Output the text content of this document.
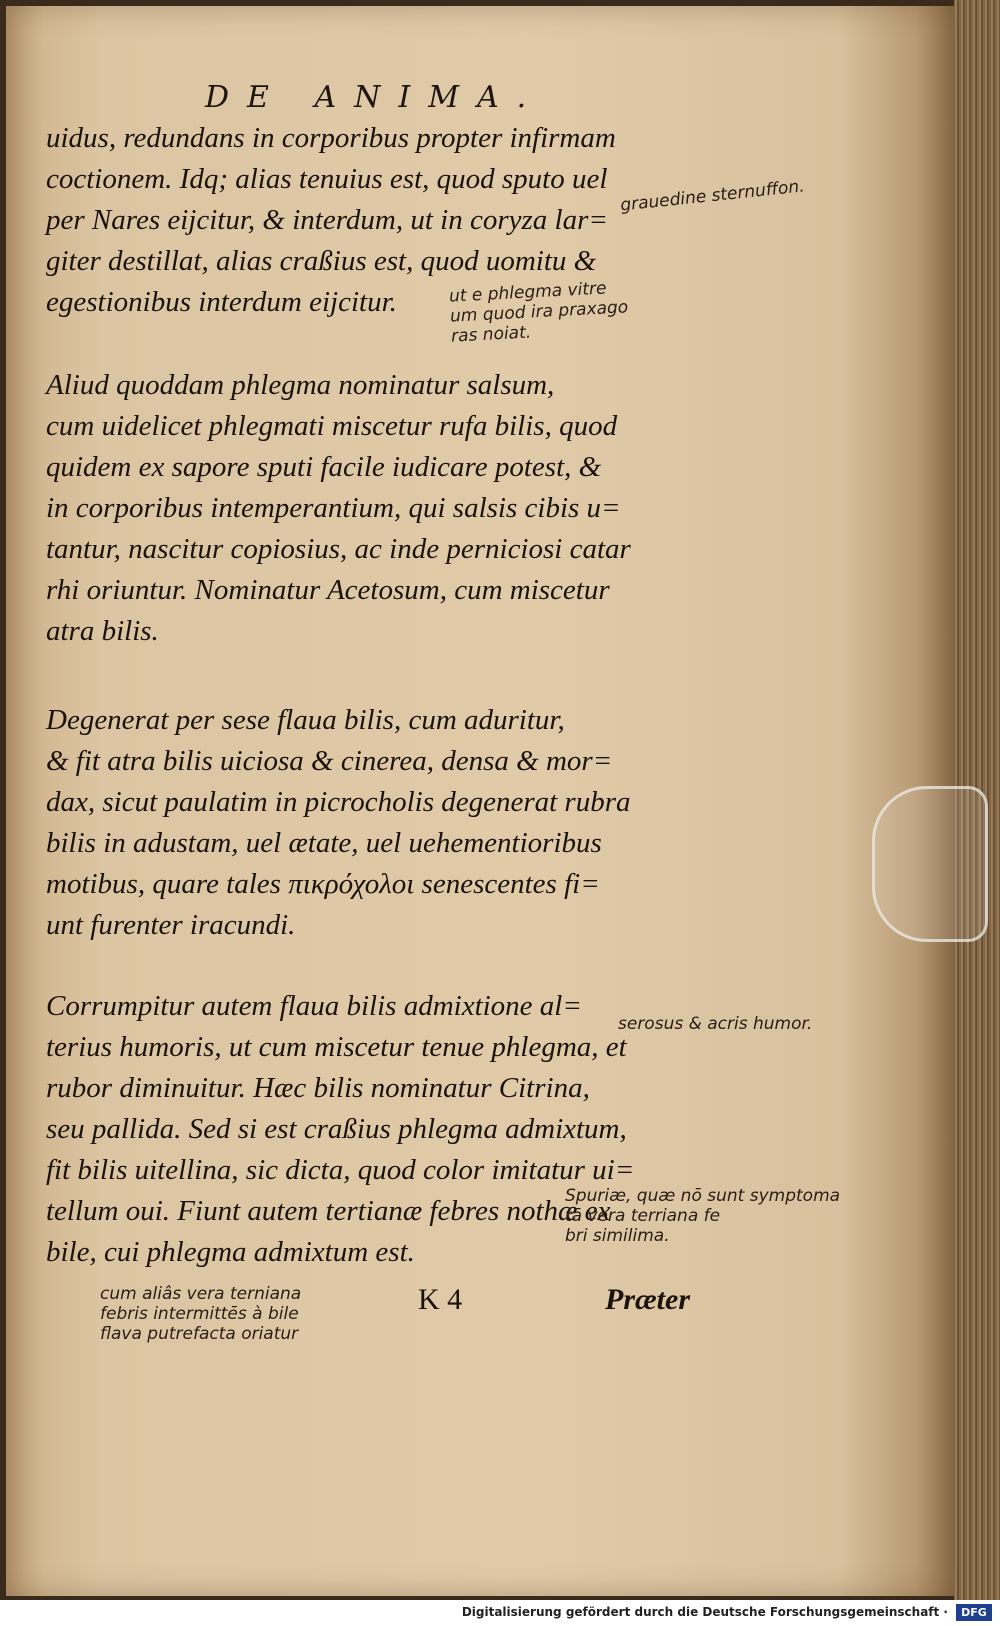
DE ANIMA.
uidus, redundans in corporibus propter infirmam
coctionem. Idq; alias tenuius est, quod sputo uel
per Nares eijcitur, & interdum, ut in coryza lar=
giter destillat, alias craßius est, quod uomitu &
egestionibus interdum eijcitur.
Aliud quoddam phlegma nominatur salsum,
cum uidelicet phlegmati miscetur rufa bilis, quod
quidem ex sapore sputi facile iudicare potest, &
in corporibus intemperantium, qui salsis cibis u=
tantur, nascitur copiosius, ac inde perniciosi catar
rhi oriuntur. Nominatur Acetosum, cum miscetur
atra bilis.
Degenerat per sese flaua bilis, cum aduritur,
& fit atra bilis uiciosa & cinerea, densa & mor=
dax, sicut paulatim in picrocholis degenerat rubra
bilis in adustam, uel ætate, uel uehementioribus
motibus, quare tales πικρόχολοι senescentes fi=
unt furenter iracundi.
Corrumpitur autem flaua bilis admixtione al=
terius humoris, ut cum miscetur tenue phlegma, et
rubor diminuitur. Hæc bilis nominatur Citrina,
seu pallida. Sed si est craßius phlegma admixtum,
fit bilis uitellina, sic dicta, quod color imitatur ui=
tellum oui. Fiunt autem tertianæ febres nothæ ex
bile, cui phlegma admixtum est.
K 4	Præter
grauedine sternuffon.
ut e phlegma vitre
um quod ira praxago
ras noiat.
serosus & acris humor.
Spuriæ, quæ nō sunt symptoma
tā vera terriana fe
bri similima.
cum aliâs vera terniana
febris intermittēs à bile
flava putrefacta oriatur
Digitalisierung gefördert durch die Deutsche Forschungsgemeinschaft ·	DFG
